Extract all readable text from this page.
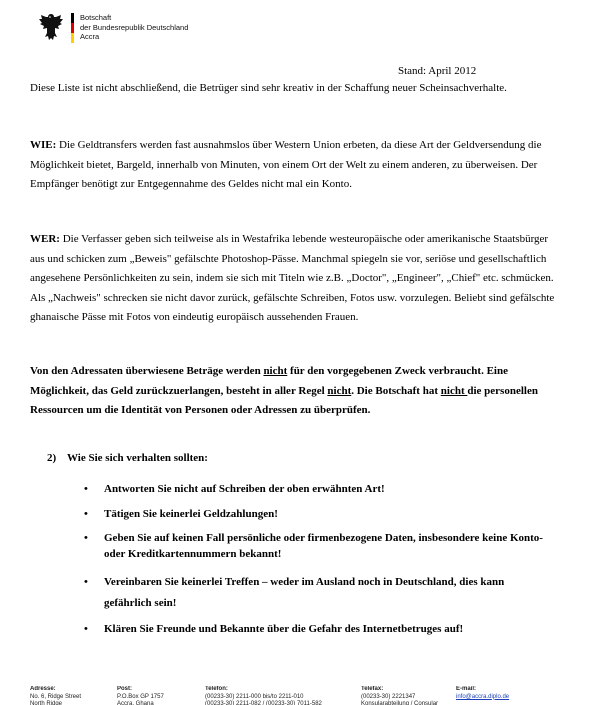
Botschaft
der Bundesrepublik Deutschland
Accra
Stand: April 2012

Diese Liste ist nicht abschließend, die Betrüger sind sehr kreativ in der Schaffung neuer Scheinsachverhalte.

WIE: Die Geldtransfers werden fast ausnahmslos über Western Union erbeten, da diese Art der Geldversendung die Möglichkeit bietet, Bargeld, innerhalb von Minuten, von einem Ort der Welt zu einem anderen, zu überweisen. Der Empfänger benötigt zur Entgegennahme des Geldes nicht mal ein Konto.

WER: Die Verfasser geben sich teilweise als in Westafrika lebende westeuropäische oder amerikanische Staatsbürger aus und schicken zum „Beweis" gefälschte Photoshop-Pässe. Manchmal spiegeln sie vor, seriöse und gesellschaftlich angesehene Persönlichkeiten zu sein, indem sie sich mit Titeln wie z.B. „Doctor", „Engineer", „Chief" etc. schmücken. Als „Nachweis" schrecken sie nicht davor zurück, gefälschte Schreiben, Fotos usw. vorzulegen. Beliebt sind gefälschte ghanaische Pässe mit Fotos von eindeutig europäisch aussehenden Frauen.

Von den Adressaten überwiesene Beträge werden nicht für den vorgegebenen Zweck verbraucht. Eine Möglichkeit, das Geld zurückzuerlangen, besteht in aller Regel nicht. Die Botschaft hat nicht die personellen Ressourcen um die Identität von Personen oder Adressen zu überprüfen.

2) Wie Sie sich verhalten sollten:
• Antworten Sie nicht auf Schreiben der oben erwähnten Art!
• Tätigen Sie keinerlei Geldzahlungen!
• Geben Sie auf keinen Fall persönliche oder firmenbezogene Daten, insbesondere keine Konto- oder Kreditkartennummern bekannt!
• Vereinbaren Sie keinerlei Treffen – weder im Ausland noch in Deutschland, dies kann gefährlich sein!
• Klären Sie Freunde und Bekannte über die Gefahr des Internetbetruges auf!
Adresse:
No. 6, Ridge Street
North Ridge
Post:
P.O.Box GP 1757
Accra, Ghana
Telefon:
(00233-30) 2211-000 bis/to 2211-010
(00233-30) 2211-082 / (00233-30) 7011-582
Telefax:
(00233-30) 2221347
Konsularabteilung / Consular
E-mail:
info@accra.diplo.de
